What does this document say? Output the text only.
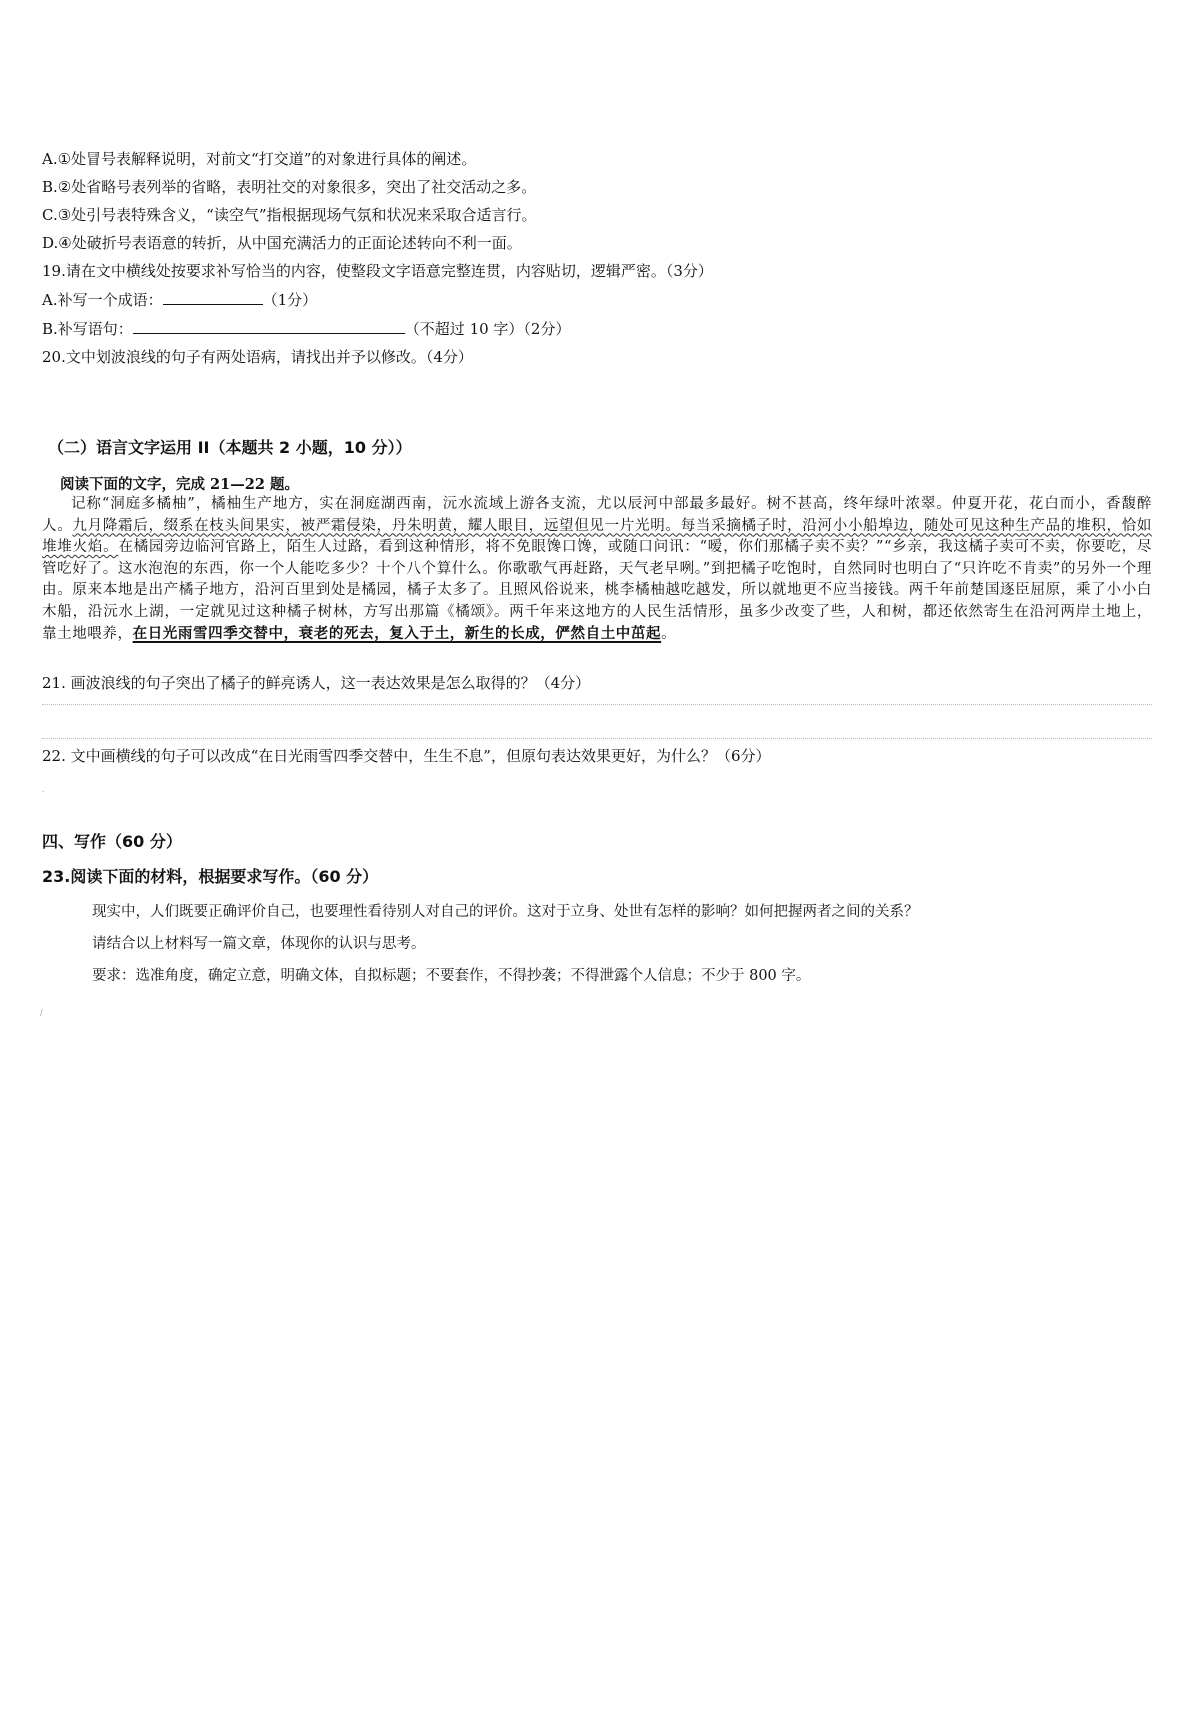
A.①处冒号表解释说明，对前文“打交道”的对象进行具体的阐述。
B.②处省略号表列举的省略，表明社交的对象很多，突出了社交活动之多。
C.③处引号表特殊含义，“读空气”指根据现场气氛和状况来采取合适言行。
D.④处破折号表语意的转折，从中国充满活力的正面论述转向不利一面。
19.请在文中横线处按要求补写恰当的内容，使整段文字语意完整连贯，内容贴切，逻辑严密。（3分）
A.补写一个成语：	（1分）
B.补写语句：	（不超过 10 字）（2分）
20.文中划波浪线的句子有两处语病，请找出并予以修改。（4分）
（二）语言文字运用 II（本题共 2 小题，10 分））
阅读下面的文字，完成 21—22 题。

记称“洞庭多橘柚”，橘柚生产地方，实在洞庭湖西南，沅水流域上游各支流，尤以辰河中部最多最好。树不甚高，终年绿叶浓翠。仲夏开花，花白而小，香馥醉人。九月降霜后，缀系在枝头间果实，被严霜侵染，丹朱明黄，耀人眼目，远望但见一片光明。每当采摘橘子时，沿河小小船埠边，随处可见这种生产品的堆积，恰如堆堆火焰。在橘园旁边临河官路上，陌生人过路，看到这种情形，将不免眼馋口馋，或随口问讯：“嗳，你们那橘子卖不卖？”“乡亲，我这橘子卖可不卖，你要吃，尽管吃好了。这水泡泡的东西，你一个人能吃多少？十个八个算什么。你歌歌气再赶路，天气老早咧。”到把橘子吃饱时，自然同时也明白了“只许吃不肯卖”的另外一个理由。原来本地是出产橘子地方，沿河百里到处是橘园，橘子太多了。且照风俗说来，桃李橘柚越吃越发，所以就地更不应当接钱。两千年前楚国逐臣屈原，乘了小小白木船，沿沅水上湖，一定就见过这种橘子树林，方写出那篇《橘颂》。两千年来这地方的人民生活情形，虽多少改变了些，人和树，都还依然寄生在沿河两岸土地上，靠土地喂养，在日光雨雪四季交替中，衰老的死去，复入于土，新生的长成，俨然自土中茁起。

21. 画波浪线的句子突出了橘子的鲜亮诱人，这一表达效果是怎么取得的？（4分）
22. 文中画横线的句子可以改成“在日光雨雪四季交替中，生生不息”，但原句表达效果更好，为什么？（6分）
.
四、写作（60 分）
23.阅读下面的材料，根据要求写作。（60 分）
现实中，人们既要正确评价自己，也要理性看待别人对自己的评价。这对于立身、处世有怎样的影响？如何把握两者之间的关系？
请结合以上材料写一篇文章，体现你的认识与思考。
要求：选准角度，确定立意，明确文体，自拟标题；不要套作，不得抄袭；不得泄露个人信息；不少于 800 字。
/
